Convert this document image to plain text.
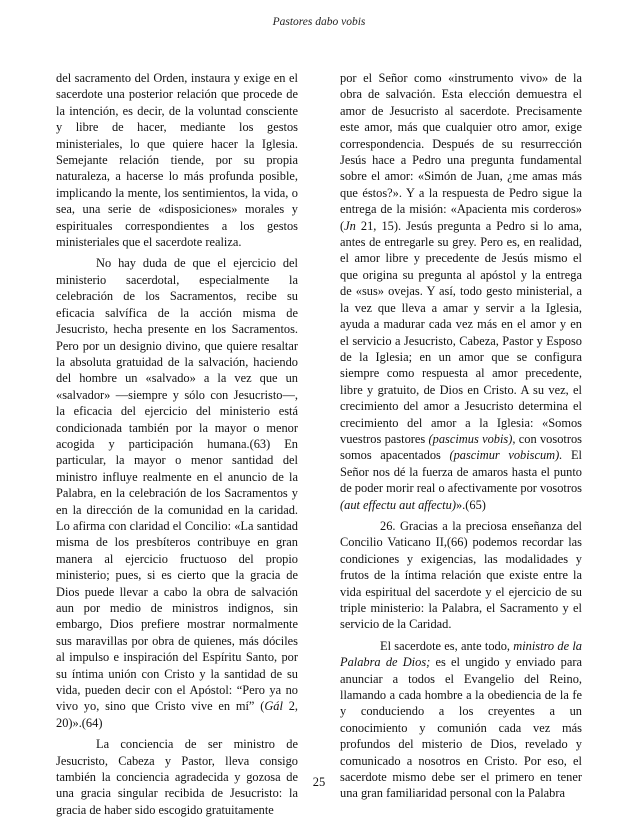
Pastores dabo vobis

del sacramento del Orden, instaura y exige en el sacerdote una posterior relación que procede de la intención, es decir, de la voluntad consciente y libre de hacer, mediante los gestos ministeriales, lo que quiere hacer la Iglesia. Semejante relación tiende, por su propia naturaleza, a hacerse lo más profunda posible, implicando la mente, los sentimientos, la vida, o sea, una serie de «disposiciones» morales y espirituales correspondientes a los gestos ministeriales que el sacerdote realiza.

No hay duda de que el ejercicio del ministerio sacerdotal, especialmente la celebración de los Sacramentos, recibe su eficacia salvífica de la acción misma de Jesucristo, hecha presente en los Sacramentos. Pero por un designio divino, que quiere resaltar la absoluta gratuidad de la salvación, haciendo del hombre un «salvado» a la vez que un «salvador» —siempre y sólo con Jesucristo—, la eficacia del ejercicio del ministerio está condicionada también por la mayor o menor acogida y participación humana.(63) En particular, la mayor o menor santidad del ministro influye realmente en el anuncio de la Palabra, en la celebración de los Sacramentos y en la dirección de la comunidad en la caridad. Lo afirma con claridad el Concilio: «La santidad misma de los presbíteros contribuye en gran manera al ejercicio fructuoso del propio ministerio; pues, si es cierto que la gracia de Dios puede llevar a cabo la obra de salvación aun por medio de ministros indignos, sin embargo, Dios prefiere mostrar normalmente sus maravillas por obra de quienes, más dóciles al impulso e inspiración del Espíritu Santo, por su íntima unión con Cristo y la santidad de su vida, pueden decir con el Apóstol: “Pero ya no vivo yo, sino que Cristo vive en mí” (Gál 2, 20)».(64)

La conciencia de ser ministro de Jesucristo, Cabeza y Pastor, lleva consigo también la conciencia agradecida y gozosa de una gracia singular recibida de Jesucristo: la gracia de haber sido escogido gratuitamente

por el Señor como «instrumento vivo» de la obra de salvación. Esta elección demuestra el amor de Jesucristo al sacerdote. Precisamente este amor, más que cualquier otro amor, exige correspondencia. Después de su resurrección Jesús hace a Pedro una pregunta fundamental sobre el amor: «Simón de Juan, ¿me amas más que éstos?». Y a la respuesta de Pedro sigue la entrega de la misión: «Apacienta mis corderos» (Jn 21, 15). Jesús pregunta a Pedro si lo ama, antes de entregarle su grey. Pero es, en realidad, el amor libre y precedente de Jesús mismo el que origina su pregunta al apóstol y la entrega de «sus» ovejas. Y así, todo gesto ministerial, a la vez que lleva a amar y servir a la Iglesia, ayuda a madurar cada vez más en el amor y en el servicio a Jesucristo, Cabeza, Pastor y Esposo de la Iglesia; en un amor que se configura siempre como respuesta al amor precedente, libre y gratuito, de Dios en Cristo. A su vez, el crecimiento del amor a Jesucristo determina el crecimiento del amor a la Iglesia: «Somos vuestros pastores (pascimus vobis), con vosotros somos apacentados (pascimur vobiscum). El Señor nos dé la fuerza de amaros hasta el punto de poder morir real o afectivamente por vosotros (aut effectu aut affectu)».(65)

26. Gracias a la preciosa enseñanza del Concilio Vaticano II,(66) podemos recordar las condiciones y exigencias, las modalidades y frutos de la íntima relación que existe entre la vida espiritual del sacerdote y el ejercicio de su triple ministerio: la Palabra, el Sacramento y el servicio de la Caridad.

El sacerdote es, ante todo, ministro de la Palabra de Dios; es el ungido y enviado para anunciar a todos el Evangelio del Reino, llamando a cada hombre a la obediencia de la fe y conduciendo a los creyentes a un conocimiento y comunión cada vez más profundos del misterio de Dios, revelado y comunicado a nosotros en Cristo. Por eso, el sacerdote mismo debe ser el primero en tener una gran familiaridad personal con la Palabra

25
